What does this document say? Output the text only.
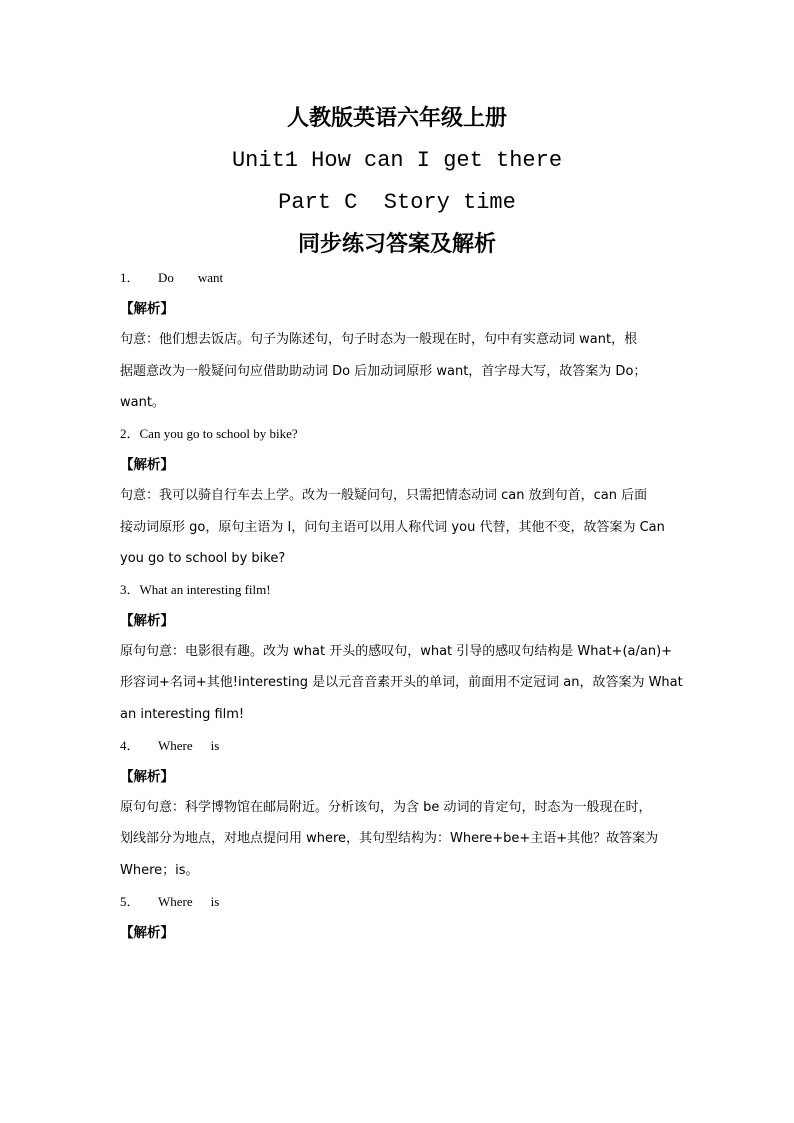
人教版英语六年级上册
Unit1 How can I get there
Part C  Story time
同步练习答案及解析
1． Do want
【解析】
句意：他们想去饭店。句子为陈述句，句子时态为一般现在时，句中有实意动词 want，根
据题意改为一般疑问句应借助助动词 Do 后加动词原形 want，首字母大写，故答案为 Do；
want。
2．Can you go to school by bike?
【解析】
句意：我可以骑自行车去上学。改为一般疑问句，只需把情态动词 can 放到句首，can 后面
接动词原形 go，原句主语为 I，问句主语可以用人称代词 you 代替，其他不变，故答案为 Can
you go to school by bike?
3．What an interesting film!
【解析】
原句句意：电影很有趣。改为 what 开头的感叹句，what 引导的感叹句结构是 What+(a/an)+
形容词+名词+其他!interesting 是以元音音素开头的单词，前面用不定冠词 an，故答案为 What
an interesting film!
4． Where is
【解析】
原句句意：科学博物馆在邮局附近。分析该句，为含 be 动词的肯定句，时态为一般现在时，
划线部分为地点，对地点提问用 where，其句型结构为：Where+be+主语+其他？故答案为
Where；is。
5． Where is
【解析】
